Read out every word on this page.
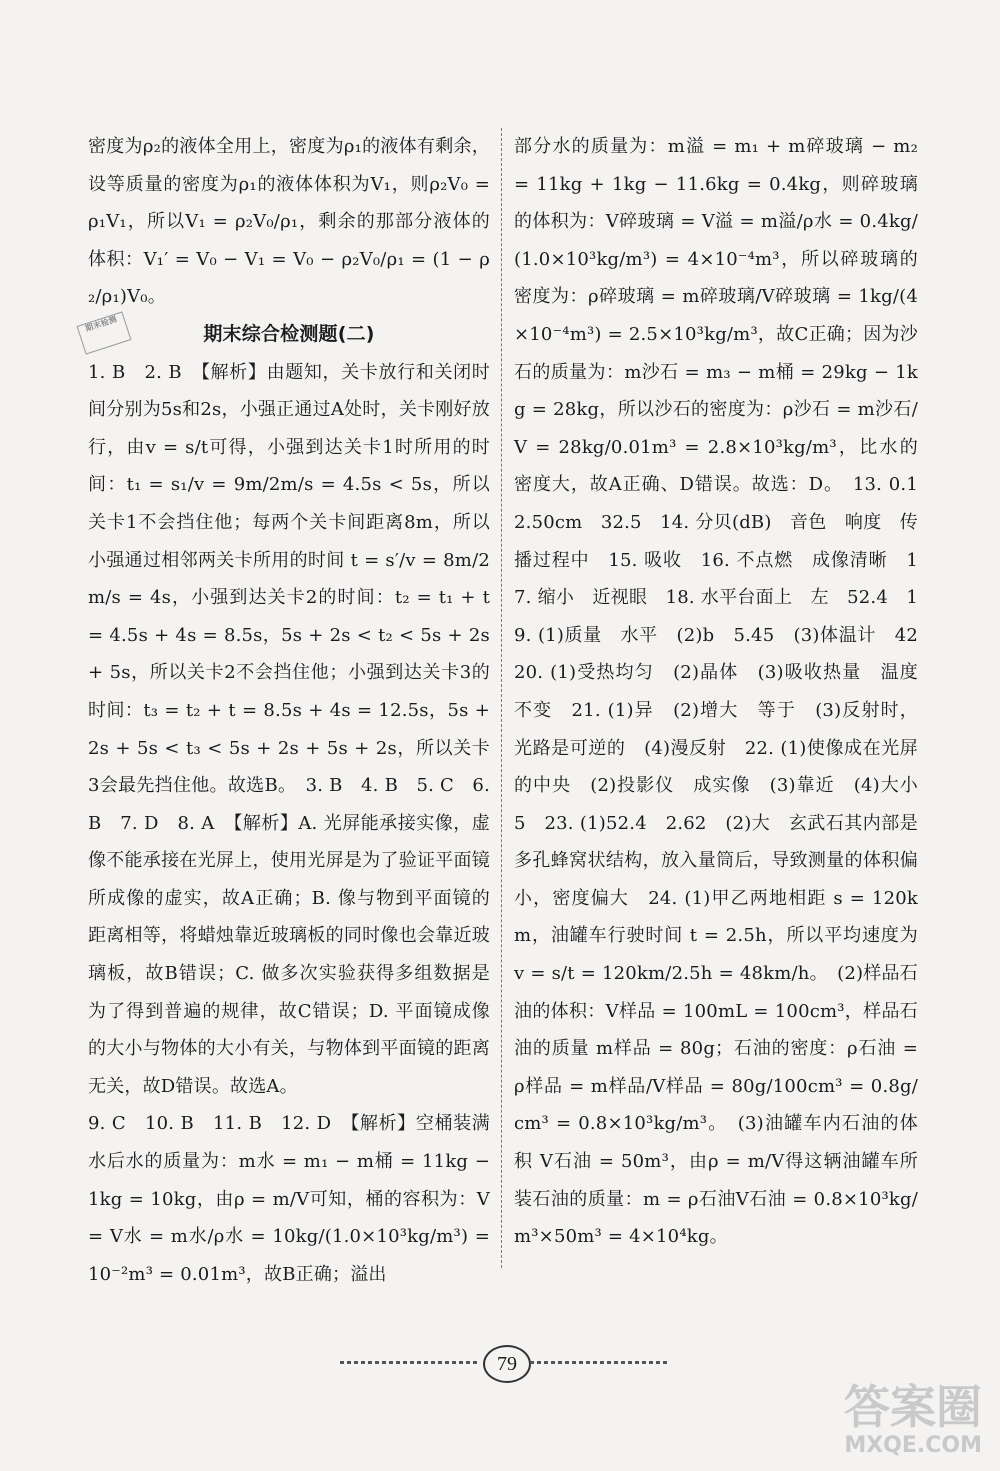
密度为ρ₂的液体全用上，密度为ρ₁的液体有剩余，设等质量的密度为ρ₁的液体体积为V₁，则ρ₂V₀ = ρ₁V₁，所以V₁ = ρ₂V₀/ρ₁，剩余的那部分液体的体积：V₁′ = V₀ − V₁ = V₀ − ρ₂V₀/ρ₁ = (1 − ρ₂/ρ₁)V₀。

期末检测	期末综合检测题(二)

1. B　2. B　【解析】由题知，关卡放行和关闭时间分别为5s和2s，小强正通过A处时，关卡刚好放行，由v = s/t可得，小强到达关卡1时所用的时间：t₁ = s₁/v = 9m/2m/s = 4.5s < 5s，所以关卡1不会挡住他；每两个关卡间距离8m，所以小强通过相邻两关卡所用的时间 t = s′/v = 8m/2m/s = 4s，小强到达关卡2的时间：t₂ = t₁ + t = 4.5s + 4s = 8.5s，5s + 2s < t₂ < 5s + 2s + 5s，所以关卡2不会挡住他；小强到达关卡3的时间：t₃ = t₂ + t = 8.5s + 4s = 12.5s，5s + 2s + 5s < t₃ < 5s + 2s + 5s + 2s，所以关卡3会最先挡住他。故选B。　3. B　4. B　5. C　6. B　7. D　8. A　【解析】A. 光屏能承接实像，虚像不能承接在光屏上，使用光屏是为了验证平面镜所成像的虚实，故A正确；B. 像与物到平面镜的距离相等，将蜡烛靠近玻璃板的同时像也会靠近玻璃板，故B错误；C. 做多次实验获得多组数据是为了得到普遍的规律，故C错误；D. 平面镜成像的大小与物体的大小有关，与物体到平面镜的距离无关，故D错误。故选A。

9. C　10. B　11. B　12. D　【解析】空桶装满水后水的质量为：m水 = m₁ − m桶 = 11kg − 1kg = 10kg，由ρ = m/V可知，桶的容积为：V = V水 = m水/ρ水 = 10kg/(1.0×10³kg/m³) = 10⁻²m³ = 0.01m³，故B正确；溢出

部分水的质量为：m溢 = m₁ + m碎玻璃 − m₂ = 11kg + 1kg − 11.6kg = 0.4kg，则碎玻璃的体积为：V碎玻璃 = V溢 = m溢/ρ水 = 0.4kg/(1.0×10³kg/m³) = 4×10⁻⁴m³，所以碎玻璃的密度为：ρ碎玻璃 = m碎玻璃/V碎玻璃 = 1kg/(4×10⁻⁴m³) = 2.5×10³kg/m³，故C正确；因为沙石的质量为：m沙石 = m₃ − m桶 = 29kg − 1kg = 28kg，所以沙石的密度为：ρ沙石 = m沙石/V = 28kg/0.01m³ = 2.8×10³kg/m³，比水的密度大，故A正确、D错误。故选：D。　13. 0.1　2.50cm　32.5　14. 分贝(dB)　音色　响度　传播过程中　15. 吸收　16. 不点燃　成像清晰　17. 缩小　近视眼　18. 水平台面上　左　52.4　19. (1)质量　水平　(2)b　5.45　(3)体温计　42　20. (1)受热均匀　(2)晶体　(3)吸收热量　温度不变　21. (1)异　(2)增大　等于　(3)反射时，光路是可逆的　(4)漫反射　22. (1)使像成在光屏的中央　(2)投影仪　成实像　(3)靠近　(4)大小　5　23. (1)52.4　2.62　(2)大　玄武石其内部是多孔蜂窝状结构，放入量筒后，导致测量的体积偏小，密度偏大　24. (1)甲乙两地相距 s = 120km，油罐车行驶时间 t = 2.5h，所以平均速度为 v = s/t = 120km/2.5h = 48km/h。　(2)样品石油的体积：V样品 = 100mL = 100cm³，样品石油的质量 m样品 = 80g；石油的密度：ρ石油 = ρ样品 = m样品/V样品 = 80g/100cm³ = 0.8g/cm³ = 0.8×10³kg/m³。　(3)油罐车内石油的体积 V石油 = 50m³，由ρ = m/V得这辆油罐车所装石油的质量：m = ρ石油V石油 = 0.8×10³kg/m³×50m³ = 4×10⁴kg。

79
答案圈
MXQE.COM
